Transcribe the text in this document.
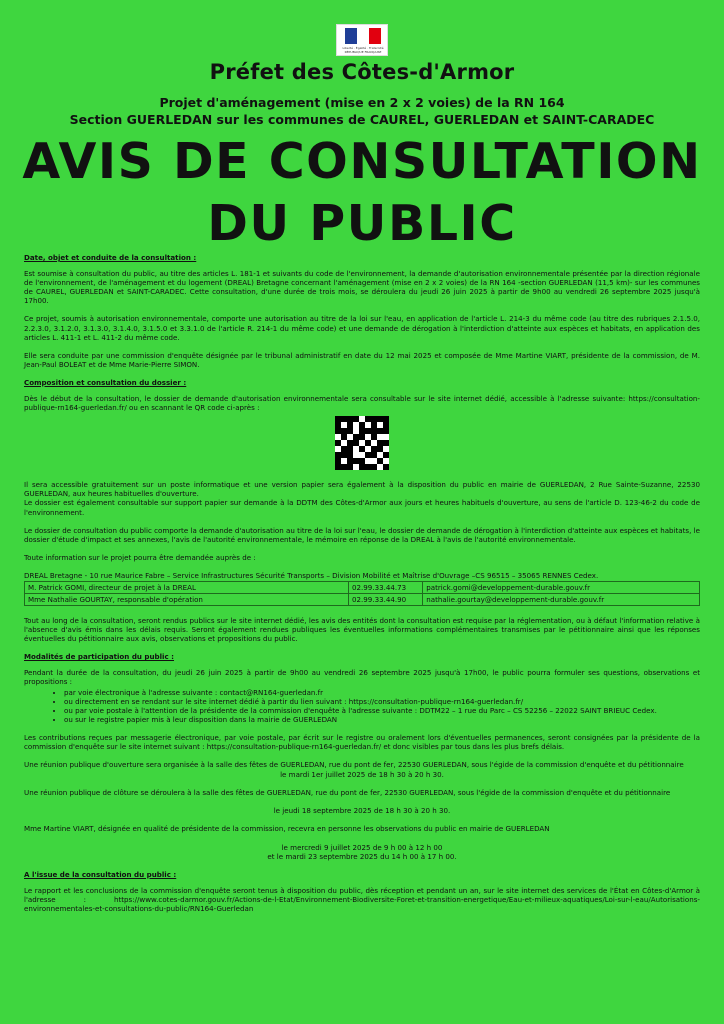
Liberté · Égalité · Fraternité RÉPUBLIQUE FRANÇAISE
Préfet des Côtes-d'Armor

Projet d'aménagement (mise en 2 x 2 voies) de la RN 164

Section GUERLEDAN sur les communes de CAUREL, GUERLEDAN et SAINT-CARADEC

AVIS DE CONSULTATION

DU PUBLIC

Date, objet et conduite de la consultation :

Est soumise à consultation du public, au titre des articles L. 181-1 et suivants du code de l'environnement, la demande d'autorisation environnementale présentée par la direction régionale de l'environnement, de l'aménagement et du logement (DREAL) Bretagne concernant l'aménagement (mise en 2 x 2 voies) de la RN 164 -section GUERLEDAN (11,5 km)- sur les communes de CAUREL, GUERLEDAN et SAINT-CARADEC. Cette consultation, d'une durée de trois mois, se déroulera du jeudi 26 juin 2025 à partir de 9h00 au vendredi 26 septembre 2025 jusqu'à 17h00.

Ce projet, soumis à autorisation environnementale, comporte une autorisation au titre de la loi sur l'eau, en application de l'article L. 214-3 du même code (au titre des rubriques 2.1.5.0, 2.2.3.0, 3.1.2.0, 3.1.3.0, 3.1.4.0, 3.1.5.0 et 3.3.1.0 de l'article R. 214-1 du même code) et une demande de dérogation à l'interdiction d'atteinte aux espèces et habitats, en application des articles L. 411-1 et L. 411-2 du même code.

Elle sera conduite par une commission d'enquête désignée par le tribunal administratif en date du 12 mai 2025 et composée de Mme Martine VIART, présidente de la commission, de M. Jean-Paul BOLEAT et de Mme Marie-Pierre SIMON.

Composition et consultation du dossier :

Dès le début de la consultation, le dossier de demande d'autorisation environnementale sera consultable sur le site internet dédié, accessible à l'adresse suivante: https://consultation-publique-rn164-guerledan.fr/ ou en scannant le QR code ci-après :

Il sera accessible gratuitement sur un poste informatique et une version papier sera également à la disposition du public en mairie de GUERLEDAN, 2 Rue Sainte-Suzanne, 22530 GUERLEDAN, aux heures habituelles d'ouverture.

Le dossier est également consultable sur support papier sur demande à la DDTM des Côtes-d'Armor aux jours et heures habituels d'ouverture, au sens de l'article D. 123-46-2 du code de l'environnement.

Le dossier de consultation du public comporte la demande d'autorisation au titre de la loi sur l'eau, le dossier de demande de dérogation à l'interdiction d'atteinte aux espèces et habitats, le dossier d'étude d'impact et ses annexes, l'avis de l'autorité environnementale, le mémoire en réponse de la DREAL à l'avis de l'autorité environnementale.

Toute information sur le projet pourra être demandée auprès de :

DREAL Bretagne - 10 rue Maurice Fabre – Service Infrastructures Sécurité Transports – Division Mobilité et Maîtrise d'Ouvrage –CS 96515 – 35065 RENNES Cedex.

M. Patrick GOMI, directeur de projet à la DREAL	02.99.33.44.73	patrick.gomi@developpement-durable.gouv.fr
Mme Nathalie GOURTAY, responsable d'opération	02.99.33.44.90	nathalie.gourtay@developpement-durable.gouv.fr

Tout au long de la consultation, seront rendus publics sur le site internet dédié, les avis des entités dont la consultation est requise par la réglementation, ou à défaut l'information relative à l'absence d'avis émis dans les délais requis. Seront également rendues publiques les éventuelles informations complémentaires transmises par le pétitionnaire ainsi que les réponses éventuelles du pétitionnaire aux avis, observations et propositions du public.

Modalités de participation du public :

Pendant la durée de la consultation, du jeudi 26 juin 2025 à partir de 9h00 au vendredi 26 septembre 2025 jusqu'à 17h00, le public pourra formuler ses questions, observations et propositions :

• par voie électronique à l'adresse suivante : contact@RN164-guerledan.fr
• ou directement en se rendant sur le site internet dédié à partir du lien suivant : https://consultation-publique-rn164-guerledan.fr/
• ou par voie postale à l'attention de la présidente de la commission d'enquête à l'adresse suivante : DDTM22 – 1 rue du Parc – CS 52256 – 22022 SAINT BRIEUC Cedex.
• ou sur le registre papier mis à leur disposition dans la mairie de GUERLEDAN

Les contributions reçues par messagerie électronique, par voie postale, par écrit sur le registre ou oralement lors d'éventuelles permanences, seront consignées par la présidente de la commission d'enquête sur le site internet suivant : https://consultation-publique-rn164-guerledan.fr/ et donc visibles par tous dans les plus brefs délais.

Une réunion publique d'ouverture sera organisée à la salle des fêtes de GUERLEDAN, rue du pont de fer, 22530 GUERLEDAN, sous l'égide de la commission d'enquête et du pétitionnaire

le mardi 1er juillet 2025 de 18 h 30 à 20 h 30.

Une réunion publique de clôture se déroulera à la salle des fêtes de GUERLEDAN, rue du pont de fer, 22530 GUERLEDAN, sous l'égide de la commission d'enquête et du pétitionnaire

le jeudi 18 septembre 2025 de 18 h 30 à 20 h 30.

Mme Martine VIART, désignée en qualité de présidente de la commission, recevra en personne les observations du public en mairie de GUERLEDAN

le mercredi 9 juillet 2025 de 9 h 00 à 12 h 00

et le mardi 23 septembre 2025 du 14 h 00 à 17 h 00.

A l'issue de la consultation du public :

Le rapport et les conclusions de la commission d'enquête seront tenus à disposition du public, dès réception et pendant un an, sur le site internet des services de l'État en Côtes-d'Armor à l'adresse : https://www.cotes-darmor.gouv.fr/Actions-de-l-Etat/Environnement-Biodiversite-Foret-et-transition-energetique/Eau-et-milieux-aquatiques/Loi-sur-l-eau/Autorisations-environnementales-et-consultations-du-public/RN164-Guerledan
